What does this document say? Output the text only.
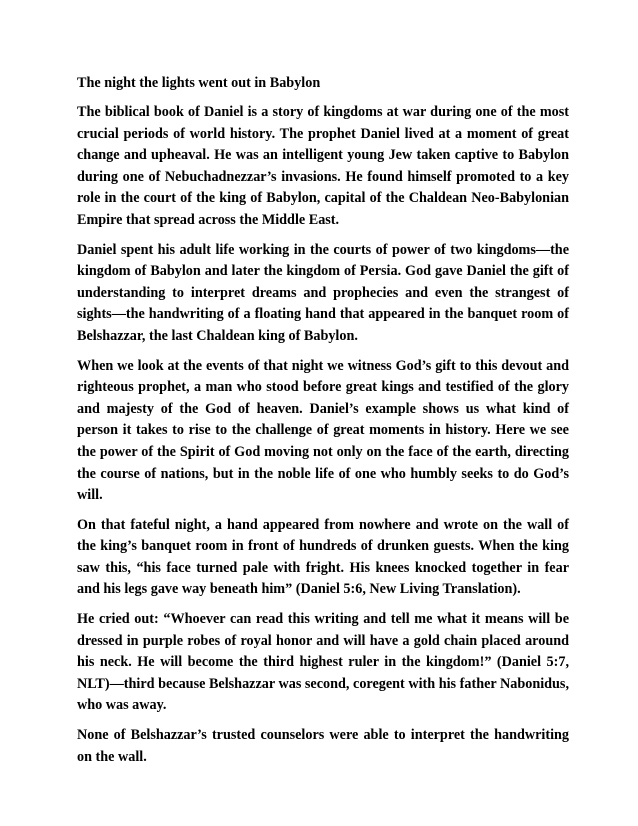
The night the lights went out in Babylon

The biblical book of Daniel is a story of kingdoms at war during one of the most crucial periods of world history. The prophet Daniel lived at a moment of great change and upheaval. He was an intelligent young Jew taken captive to Babylon during one of Nebuchadnezzar’s invasions. He found himself promoted to a key role in the court of the king of Babylon, capital of the Chaldean Neo-Babylonian Empire that spread across the Middle East.

Daniel spent his adult life working in the courts of power of two kingdoms—the kingdom of Babylon and later the kingdom of Persia. God gave Daniel the gift of understanding to interpret dreams and prophecies and even the strangest of sights—the handwriting of a floating hand that appeared in the banquet room of Belshazzar, the last Chaldean king of Babylon.

When we look at the events of that night we witness God’s gift to this devout and righteous prophet, a man who stood before great kings and testified of the glory and majesty of the God of heaven. Daniel’s example shows us what kind of person it takes to rise to the challenge of great moments in history. Here we see the power of the Spirit of God moving not only on the face of the earth, directing the course of nations, but in the noble life of one who humbly seeks to do God’s will.

On that fateful night, a hand appeared from nowhere and wrote on the wall of the king’s banquet room in front of hundreds of drunken guests. When the king saw this, “his face turned pale with fright. His knees knocked together in fear and his legs gave way beneath him” (Daniel 5:6, New Living Translation).

He cried out: “Whoever can read this writing and tell me what it means will be dressed in purple robes of royal honor and will have a gold chain placed around his neck. He will become the third highest ruler in the kingdom!” (Daniel 5:7, NLT)—third because Belshazzar was second, coregent with his father Nabonidus, who was away.

None of Belshazzar’s trusted counselors were able to interpret the handwriting on the wall.
